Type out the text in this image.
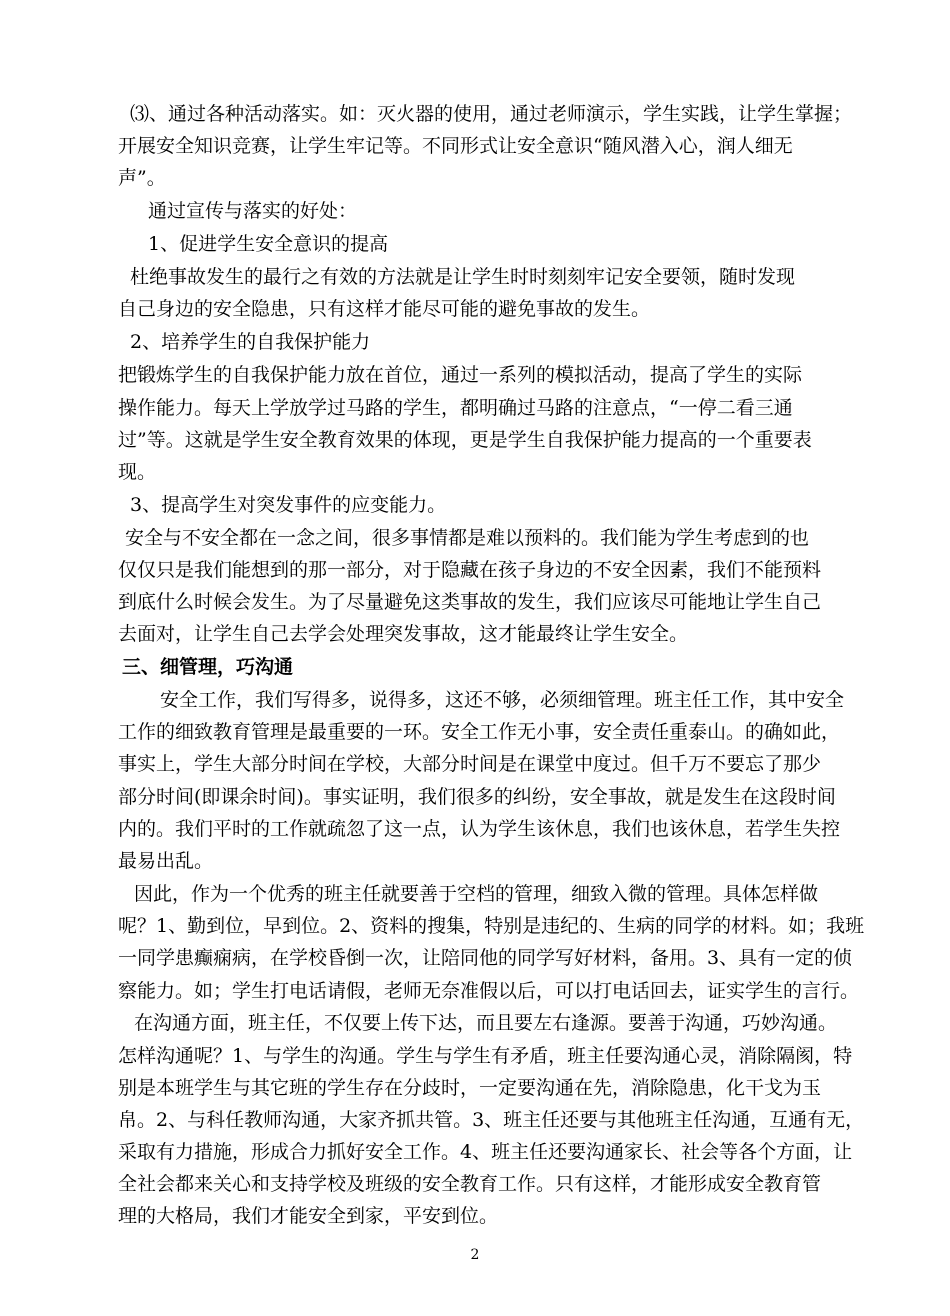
⑶、通过各种活动落实。如：灭火器的使用，通过老师演示，学生实践，让学生掌握；
开展安全知识竞赛，让学生牢记等。不同形式让安全意识“随风潜入心，润人细无
声”。
通过宣传与落实的好处：
1、促进学生安全意识的提高
杜绝事故发生的最行之有效的方法就是让学生时时刻刻牢记安全要领，随时发现
自己身边的安全隐患，只有这样才能尽可能的避免事故的发生。
2、培养学生的自我保护能力
把锻炼学生的自我保护能力放在首位，通过一系列的模拟活动，提高了学生的实际
操作能力。每天上学放学过马路的学生，都明确过马路的注意点，“一停二看三通
过”等。这就是学生安全教育效果的体现，更是学生自我保护能力提高的一个重要表
现。
3、提高学生对突发事件的应变能力。
安全与不安全都在一念之间，很多事情都是难以预料的。我们能为学生考虑到的也
仅仅只是我们能想到的那一部分，对于隐藏在孩子身边的不安全因素，我们不能预料
到底什么时候会发生。为了尽量避免这类事故的发生，我们应该尽可能地让学生自己
去面对，让学生自己去学会处理突发事故，这才能最终让学生安全。
三、细管理，巧沟通
安全工作，我们写得多，说得多，这还不够，必须细管理。班主任工作，其中安全
工作的细致教育管理是最重要的一环。安全工作无小事，安全责任重泰山。的确如此，
事实上，学生大部分时间在学校，大部分时间是在课堂中度过。但千万不要忘了那少
部分时间(即课余时间)。事实证明，我们很多的纠纷，安全事故，就是发生在这段时间
内的。我们平时的工作就疏忽了这一点，认为学生该休息，我们也该休息，若学生失控
最易出乱。
因此，作为一个优秀的班主任就要善于空档的管理，细致入微的管理。具体怎样做
呢？1、勤到位，早到位。2、资料的搜集，特别是违纪的、生病的同学的材料。如；我班
一同学患癫痫病，在学校昏倒一次，让陪同他的同学写好材料，备用。3、具有一定的侦
察能力。如；学生打电话请假，老师无奈准假以后，可以打电话回去，证实学生的言行。
在沟通方面，班主任，不仅要上传下达，而且要左右逢源。要善于沟通，巧妙沟通。
怎样沟通呢？1、与学生的沟通。学生与学生有矛盾，班主任要沟通心灵，消除隔阂，特
别是本班学生与其它班的学生存在分歧时，一定要沟通在先，消除隐患，化干戈为玉
帛。2、与科任教师沟通，大家齐抓共管。3、班主任还要与其他班主任沟通，互通有无，
采取有力措施，形成合力抓好安全工作。4、班主任还要沟通家长、社会等各个方面，让
全社会都来关心和支持学校及班级的安全教育工作。只有这样，才能形成安全教育管
理的大格局，我们才能安全到家，平安到位。
2
